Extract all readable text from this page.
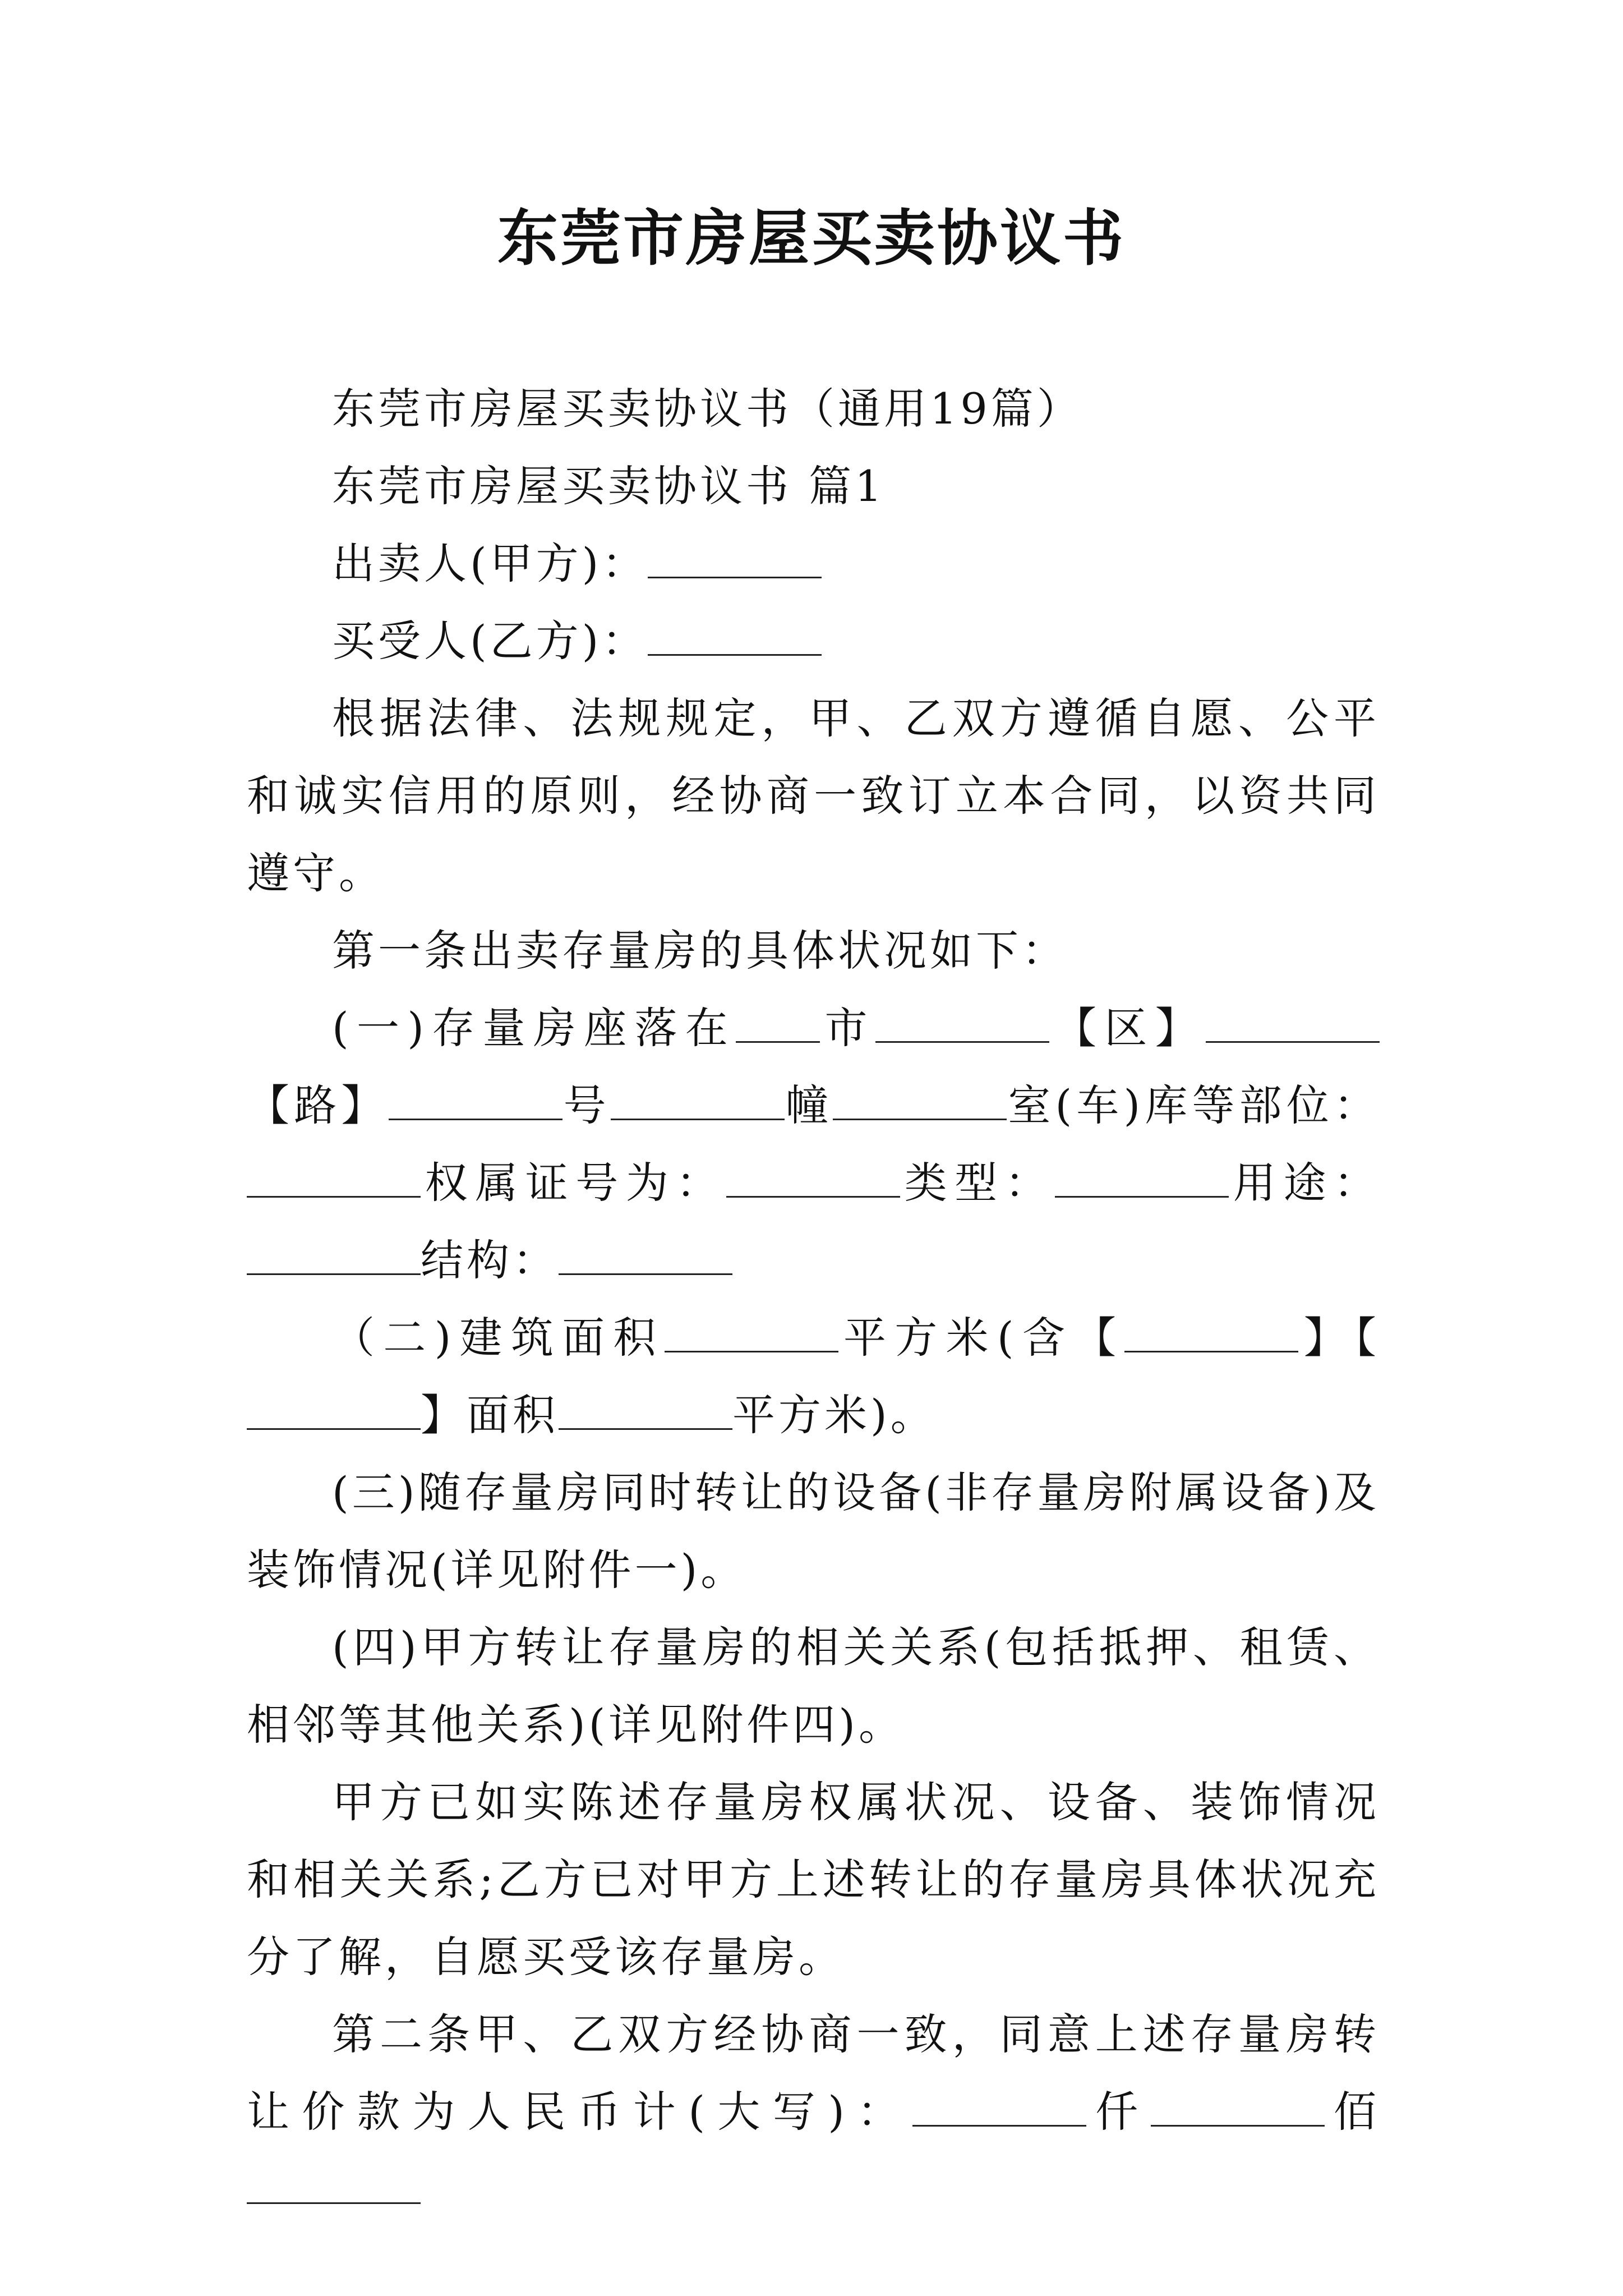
东莞市房屋买卖协议书

东莞市房屋买卖协议书（通用19篇）

东莞市房屋买卖协议书 篇1

出卖人(甲方)：

买受人(乙方)：

根据法律、法规规定，甲、乙双方遵循自愿、公平和诚实信用的原则，经协商一致订立本合同，以资共同遵守。

第一条出卖存量房的具体状况如下：

(一)存量房座落在 市	【区】【路】	号	幢	室(车)库等部位：权属证号为：	类型：	用途：结构：

（二)建筑面积	平方米(含【	】【】面积	平方米)。

(三)随存量房同时转让的设备(非存量房附属设备)及装饰情况(详见附件一)。

(四)甲方转让存量房的相关关系(包括抵押、租赁、相邻等其他关系)(详见附件四)。

甲方已如实陈述存量房权属状况、设备、装饰情况和相关关系;乙方已对甲方上述转让的存量房具体状况充分了解，自愿买受该存量房。

第二条甲、乙双方经协商一致，同意上述存量房转让价款为人民币计(大写)：	仟	佰
